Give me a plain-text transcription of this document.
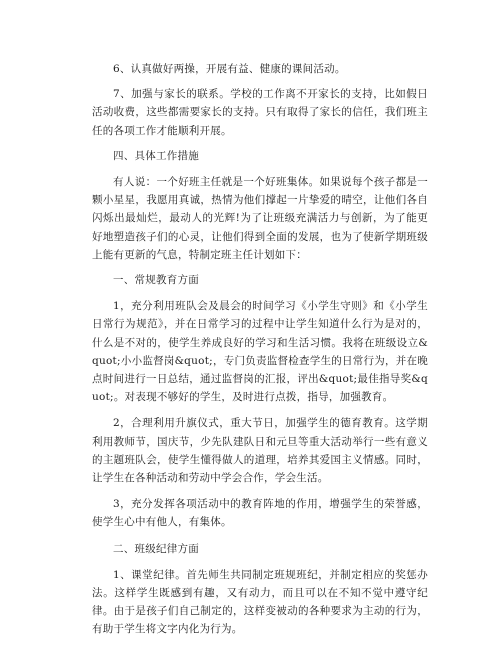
6、认真做好两操，开展有益、健康的课间活动。

7、加强与家长的联系。学校的工作离不开家长的支持，比如假日活动收费，这些都需要家长的支持。只有取得了家长的信任，我们班主任的各项工作才能顺利开展。

四、具体工作措施

有人说：一个好班主任就是一个好班集体。如果说每个孩子都是一颗小星星，我愿用真诚，热情为他们撑起一片挚爱的晴空，让他们各自闪烁出最灿烂，最动人的光辉!为了让班级充满活力与创新，为了能更好地塑造孩子们的心灵，让他们得到全面的发展，也为了使新学期班级上能有更新的气息，特制定班主任计划如下：

一、常规教育方面

1，充分利用班队会及晨会的时间学习《小学生守则》和《小学生日常行为规范》，并在日常学习的过程中让学生知道什么行为是对的，什么是不对的，使学生养成良好的学习和生活习惯。我将在班级设立&quot;小小监督岗&quot;，专门负责监督检查学生的日常行为，并在晚点时间进行一日总结，通过监督岗的汇报，评出&quot;最佳指导奖&quot;。对表现不够好的学生，及时进行点拨，指导，加强教育。

2，合理利用升旗仪式，重大节日，加强学生的德育教育。这学期利用教师节，国庆节，少先队建队日和元旦等重大活动举行一些有意义的主题班队会，使学生懂得做人的道理，培养其爱国主义情感。同时，让学生在各种活动和劳动中学会合作，学会生活。

3，充分发挥各项活动中的教育阵地的作用，增强学生的荣誉感，使学生心中有他人，有集体。

二、班级纪律方面

1、课堂纪律。首先师生共同制定班规班纪，并制定相应的奖惩办法。这样学生既感到有趣，又有动力，而且可以在不知不觉中遵守纪律。由于是孩子们自己制定的，这样变被动的各种要求为主动的行为，有助于学生将文字内化为行为。
